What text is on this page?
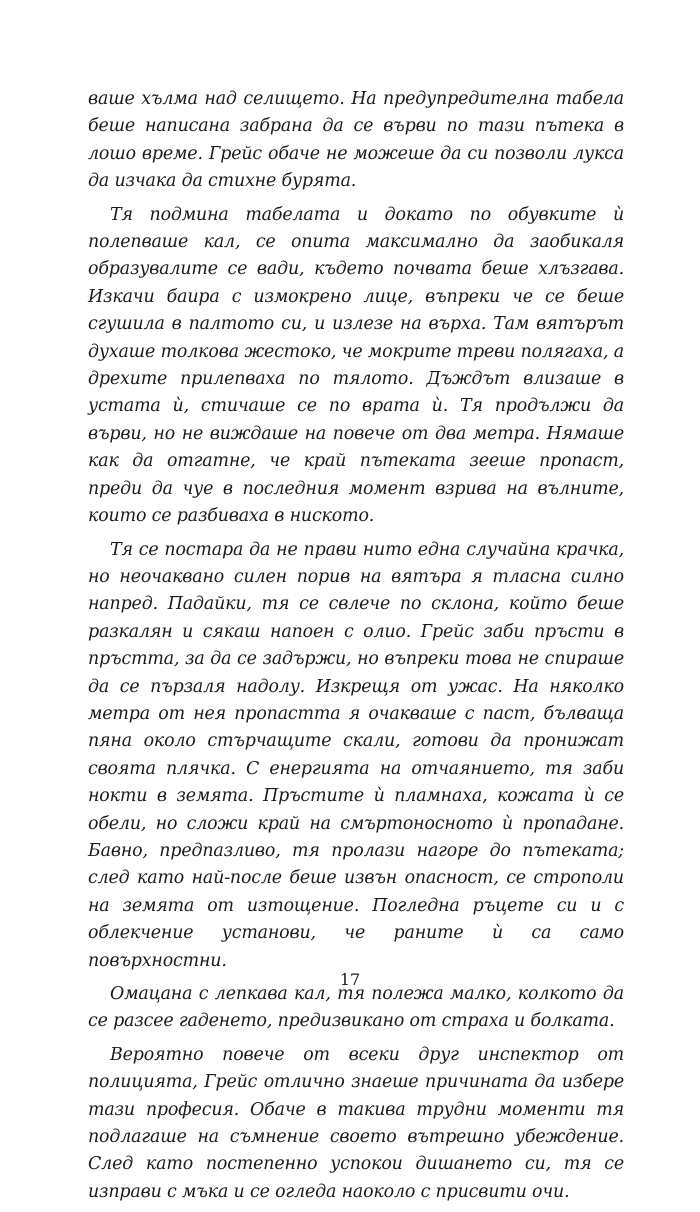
ваше хълма над селището. На предупредителна табела беше написана забрана да се върви по тази пътека в лошо време. Грейс обаче не можеше да си позволи лукса да изчака да стихне бурята.

Тя подмина табелата и докато по обувките ѝ полепваше кал, се опита максимално да заобикаля образувалите се вади, където почвата беше хлъзгава. Изкачи баира с измокрено лице, въпреки че се беше сгушила в палтото си, и излезе на върха. Там вятърът духаше толкова жестоко, че мокрите треви полягаха, а дрехите прилепваха по тялото. Дъждът влизаше в устата ѝ, стичаше се по врата ѝ. Тя продължи да върви, но не виждаше на повече от два метра. Нямаше как да отгатне, че край пътеката зееше пропаст, преди да чуе в последния момент взрива на вълните, които се разбиваха в ниското.

Тя се постара да не прави нито една случайна крачка, но неочаквано силен порив на вятъра я тласна силно напред. Падайки, тя се свлече по склона, който беше разкалян и сякаш напоен с олио. Грейс заби пръсти в пръстта, за да се задържи, но въпреки това не спираше да се пързаля надолу. Изкрещя от ужас. На няколко метра от нея пропастта я очакваше с паст, бълваща пяна около стърчащите скали, готови да пронижат своята плячка. С енергията на отчаянието, тя заби нокти в земята. Пръстите ѝ пламнаха, кожата ѝ се обели, но сложи край на смъртоносното ѝ пропадане. Бавно, предпазливо, тя пролази нагоре до пътеката; след като най-после беше извън опасност, се строполи на земята от изтощение. Погледна ръцете си и с облекчение установи, че раните ѝ са само повърхностни.

Омацана с лепкава кал, тя полежа малко, колкото да се разсее гаденето, предизвикано от страха и болката.

Вероятно повече от всеки друг инспектор от полицията, Грейс отлично знаеше причината да избере тази професия. Обаче в такива трудни моменти тя подлагаше на съмнение своето вътрешно убеждение. След като постепенно успокои дишането си, тя се изправи с мъка и се огледа наоколо с присвити очи.

17
